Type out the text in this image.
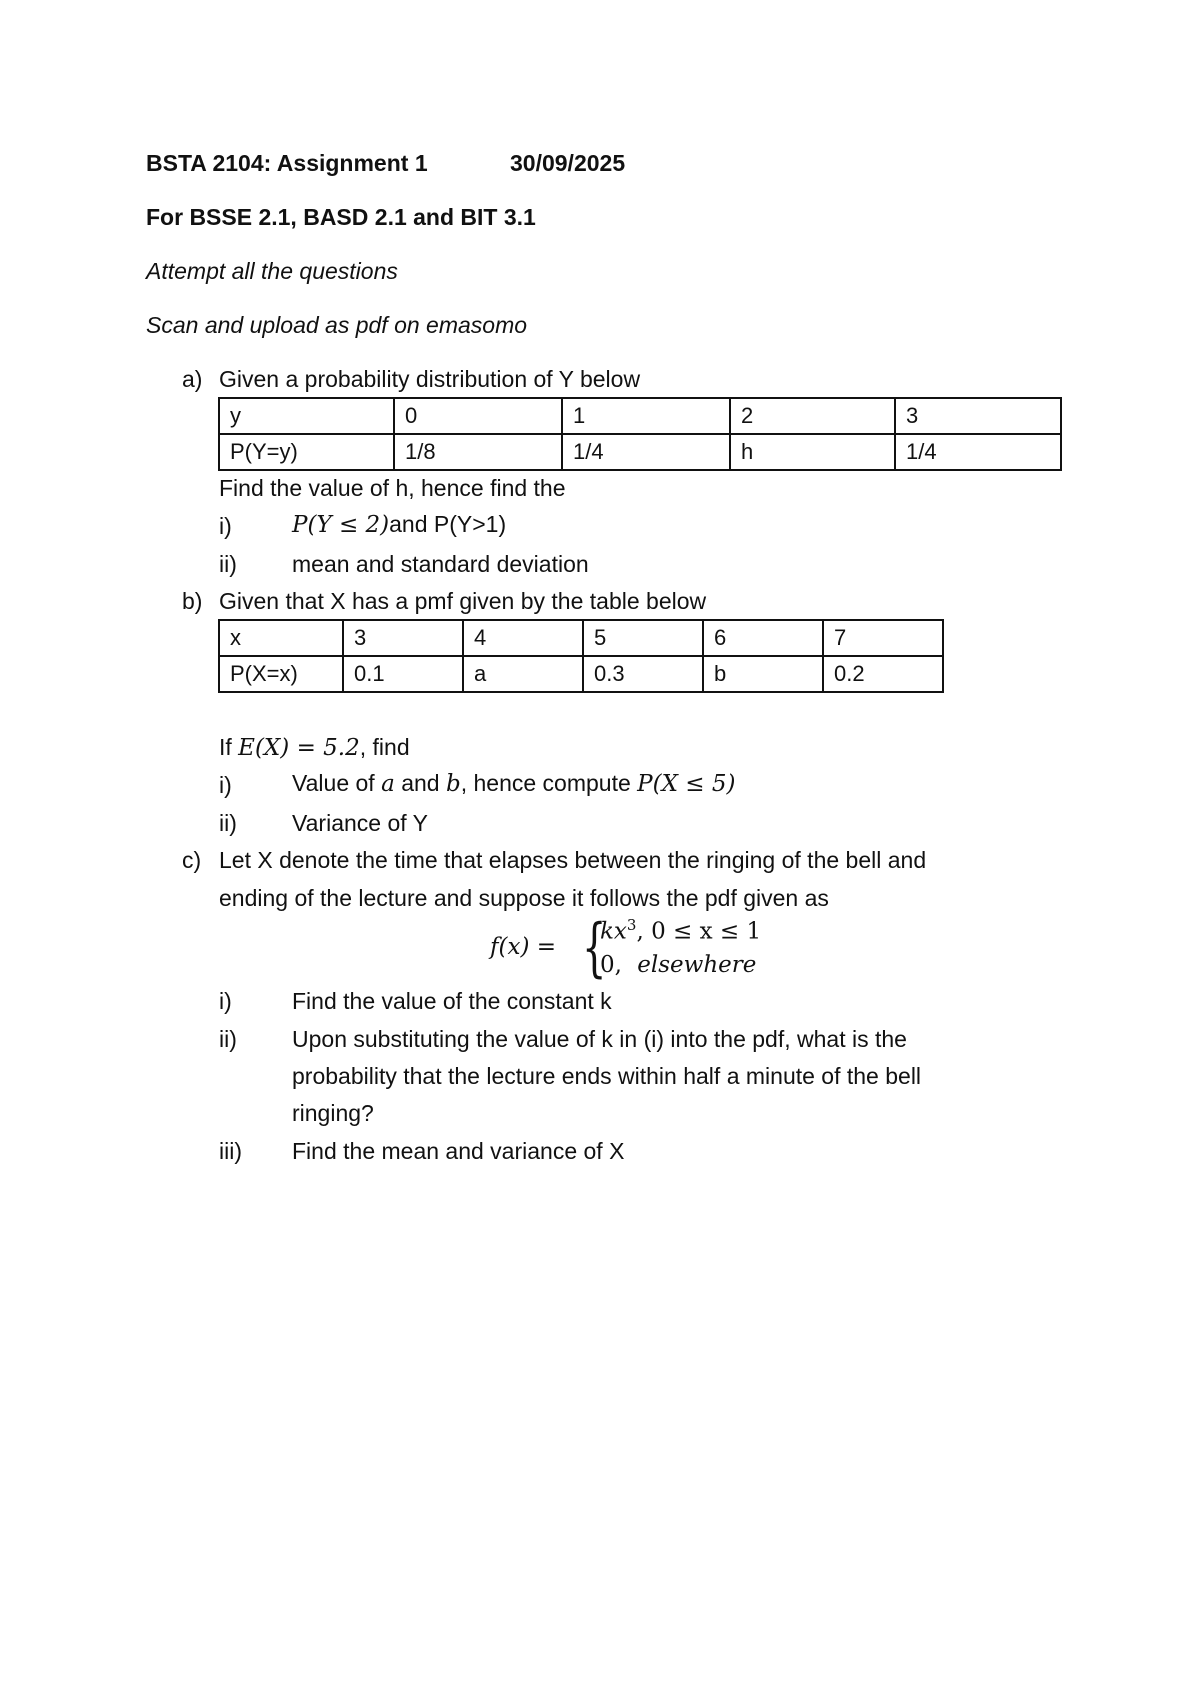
BSTA 2104: Assignment 1	30/09/2025
For BSSE 2.1, BASD 2.1 and BIT 3.1
Attempt all the questions
Scan and upload as pdf on emasomo
a) Given a probability distribution of Y below
y	0	1	2	3
P(Y=y)	1/8	1/4	h	1/4
Find the value of h, hence find the
i)	P(Y ≤ 2)and P(Y>1)
ii) mean and standard deviation
b) Given that X has a pmf given by the table below
x	3	4	5	6	7
P(X=x)	0.1	a	0.3	b	0.2
If E(X) = 5.2, find
i)	Value of a and b, hence compute P(X ≤ 5)
ii) Variance of Y
c) Let X denote the time that elapses between the ringing of the bell and
ending of the lecture and suppose it follows the pdf given as
f(x) = {
$kx^3$, 0 ≤ x ≤ 1
0, elsewhere
i)	Find the value of the constant k
ii) Upon substituting the value of k in (i) into the pdf, what is the
probability that the lecture ends within half a minute of the bell
ringing?
iii) Find the mean and variance of X
